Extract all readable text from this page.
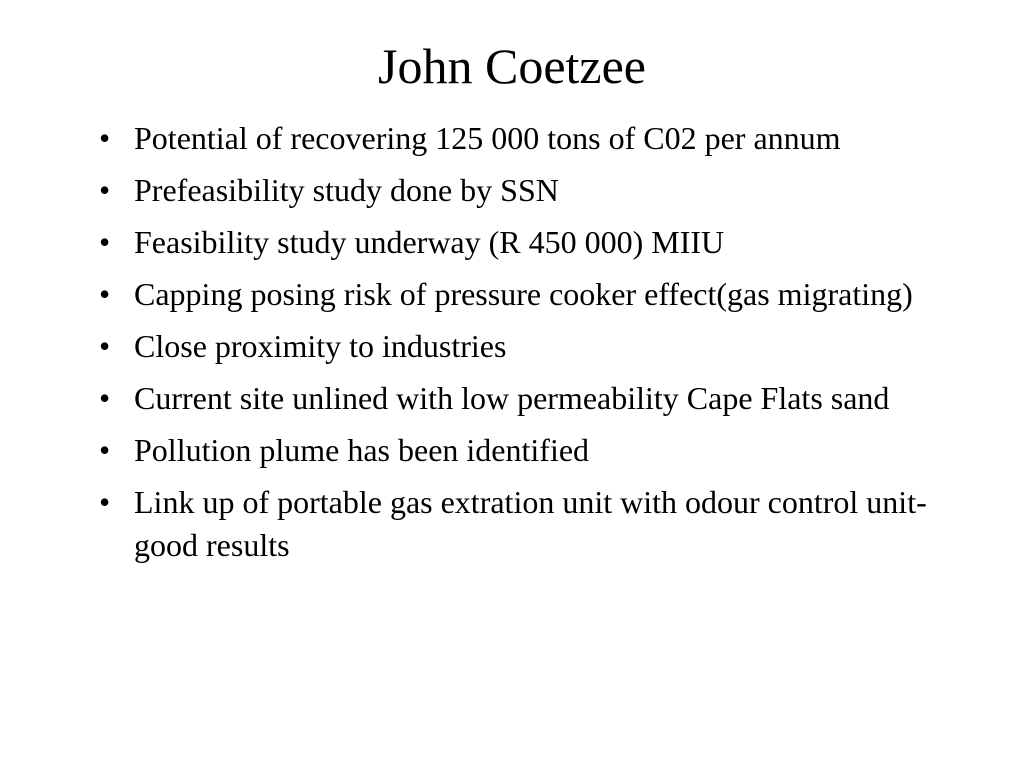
John Coetzee
• Potential of recovering 125 000 tons of C02 per annum
• Prefeasibility study done by SSN
• Feasibility study underway (R 450 000) MIIU
• Capping posing risk of pressure cooker effect(gas migrating)
• Close proximity to industries
• Current site unlined with low permeability Cape Flats sand
• Pollution plume has been identified
• Link up of portable gas extration unit with odour control unit- good results
